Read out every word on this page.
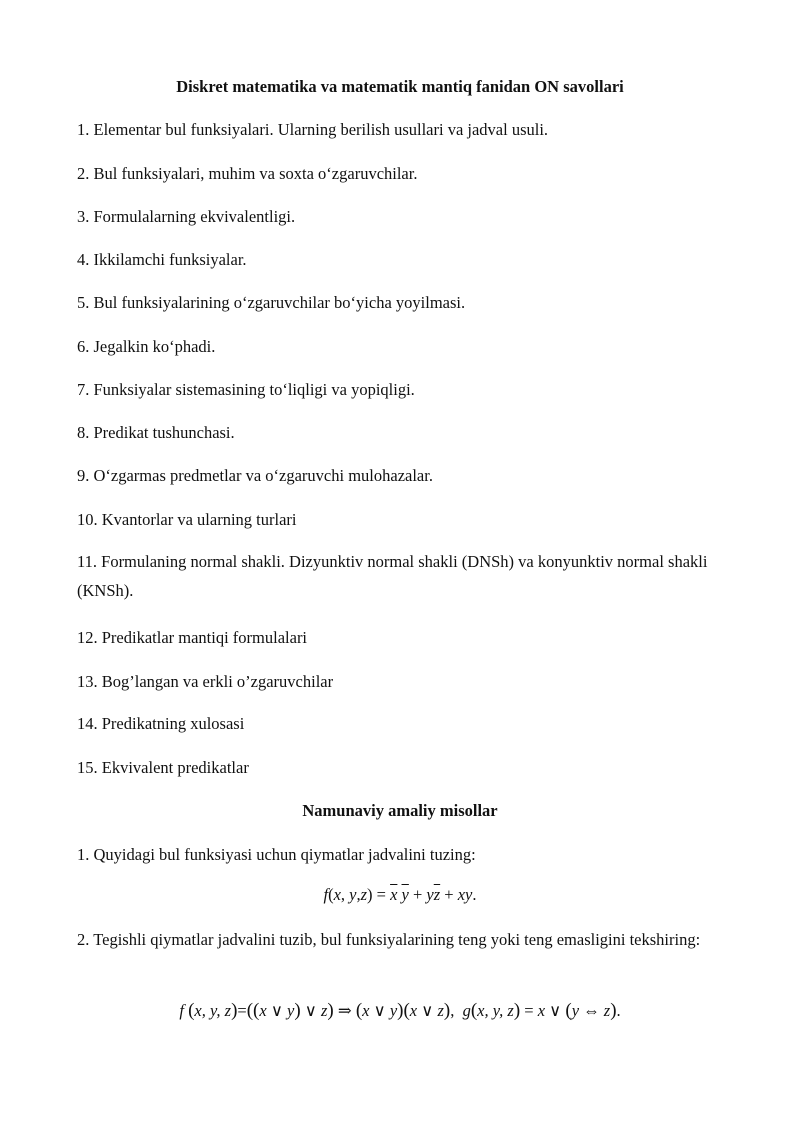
Diskret matematika va matematik mantiq fanidan ON savollari
1. Elementar bul funksiyalari. Ularning berilish usullari va jadval usuli.
2. Bul funksiyalari, muhim va soxta o‘zgaruvchilar.
3. Formulalarning ekvivalentligi.
4. Ikkilamchi funksiyalar.
5. Bul funksiyalarining o‘zgaruvchilar bo‘yicha yoyilmasi.
6. Jegalkin ko‘phadi.
7. Funksiyalar sistemasining to‘liqligi va yopiqligi.
8. Predikat tushunchasi.
9. O‘zgarmas predmetlar va o‘zgaruvchi mulohazalar.
10. Kvantorlar va ularning turlari
11. Formulaning normal shakli. Dizyunktiv normal shakli (DNSh) va konyunktiv normal shakli (KNSh).
12. Predikatlar mantiqi formulalari
13. Bog’langan va erkli o’zgaruvchilar
14. Predikatning xulosasi
15. Ekvivalent predikatlar
Namunaviy amaliy misollar
1. Quyidagi bul funksiyasi uchun qiymatlar jadvalini tuzing:
f(x, $y,z) = \overline{x}$ $\overline{y} + y\overline{z}$ + xy.
2. Tegishli qiymatlar jadvalini tuzib, bul funksiyalarining teng yoki teng emasligini tekshiring:
f (x, y, z)=((x ∨ y) ∨ z) ⇒ (x ∨ y)(x ∨ z),  g(x, y, z) = x ∨ (y ⇔ z).
